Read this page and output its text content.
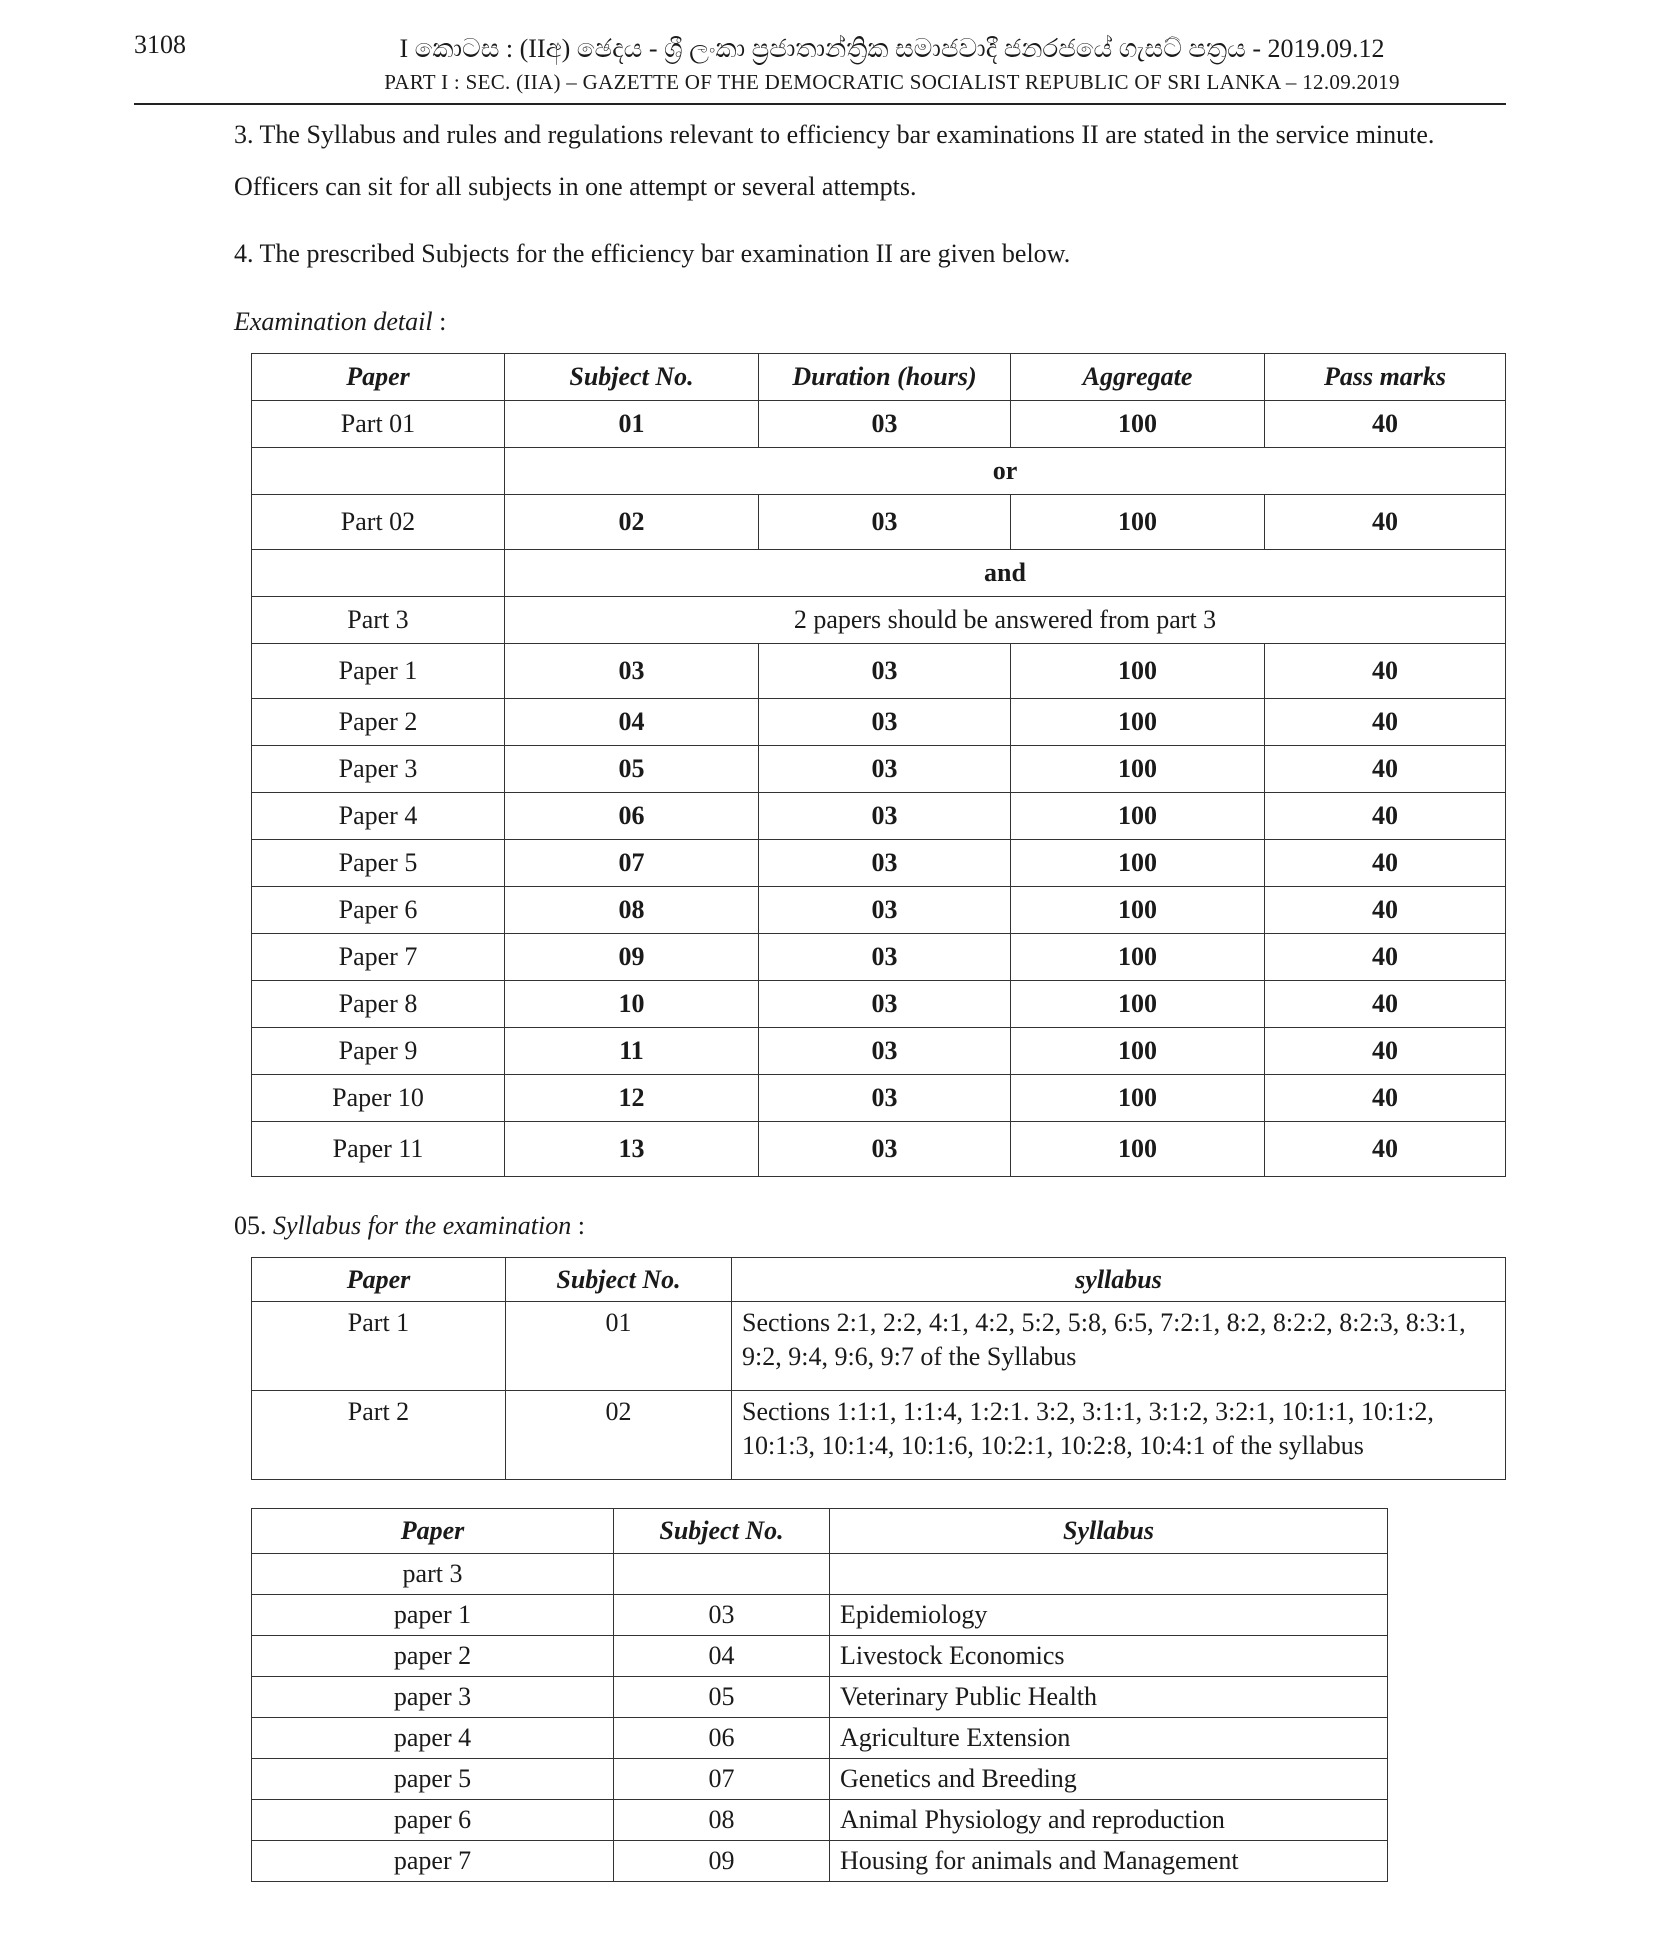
3108	I කොටස : (IIඅ) ඡෙදය - ශ්‍රී ලංකා ප්‍රජාතාන්ත්‍රික සමාජවාදී ජනරජයේ ගැසට් පත්‍රය - 2019.09.12
PART I : SEC. (IIA) – GAZETTE OF THE DEMOCRATIC SOCIALIST REPUBLIC OF SRI LANKA – 12.09.2019

3. The Syllabus and rules and regulations relevant to efficiency bar examinations II are stated in the service minute.

Officers can sit for all subjects in one attempt or several attempts.

4. The prescribed Subjects for the efficiency bar examination II are given below.

Examination detail :

Paper	Subject No.	Duration (hours)	Aggregate	Pass marks
Part 01	01	03	100	40
	or			
Part 02	02	03	100	40
	and			
Part 3	2 papers should be answered from part 3			
Paper 1	03	03	100	40
Paper 2	04	03	100	40
Paper 3	05	03	100	40
Paper 4	06	03	100	40
Paper 5	07	03	100	40
Paper 6	08	03	100	40
Paper 7	09	03	100	40
Paper 8	10	03	100	40
Paper 9	11	03	100	40
Paper 10	12	03	100	40
Paper 11	13	03	100	40

05. Syllabus for the examination :

Paper	Subject No.	syllabus
Part 1	01	Sections 2:1, 2:2, 4:1, 4:2, 5:2, 5:8, 6:5, 7:2:1, 8:2, 8:2:2, 8:2:3, 8:3:1, 9:2, 9:4, 9:6, 9:7 of the Syllabus
Part 2	02	Sections 1:1:1, 1:1:4, 1:2:1. 3:2, 3:1:1, 3:1:2, 3:2:1, 10:1:1, 10:1:2, 10:1:3, 10:1:4, 10:1:6, 10:2:1, 10:2:8, 10:4:1 of the syllabus
Paper	Subject No.	Syllabus
part 3		
paper 1	03	Epidemiology
paper 2	04	Livestock Economics
paper 3	05	Veterinary Public Health
paper 4	06	Agriculture Extension
paper 5	07	Genetics and Breeding
paper 6	08	Animal Physiology and reproduction
paper 7	09	Housing for animals and Management
